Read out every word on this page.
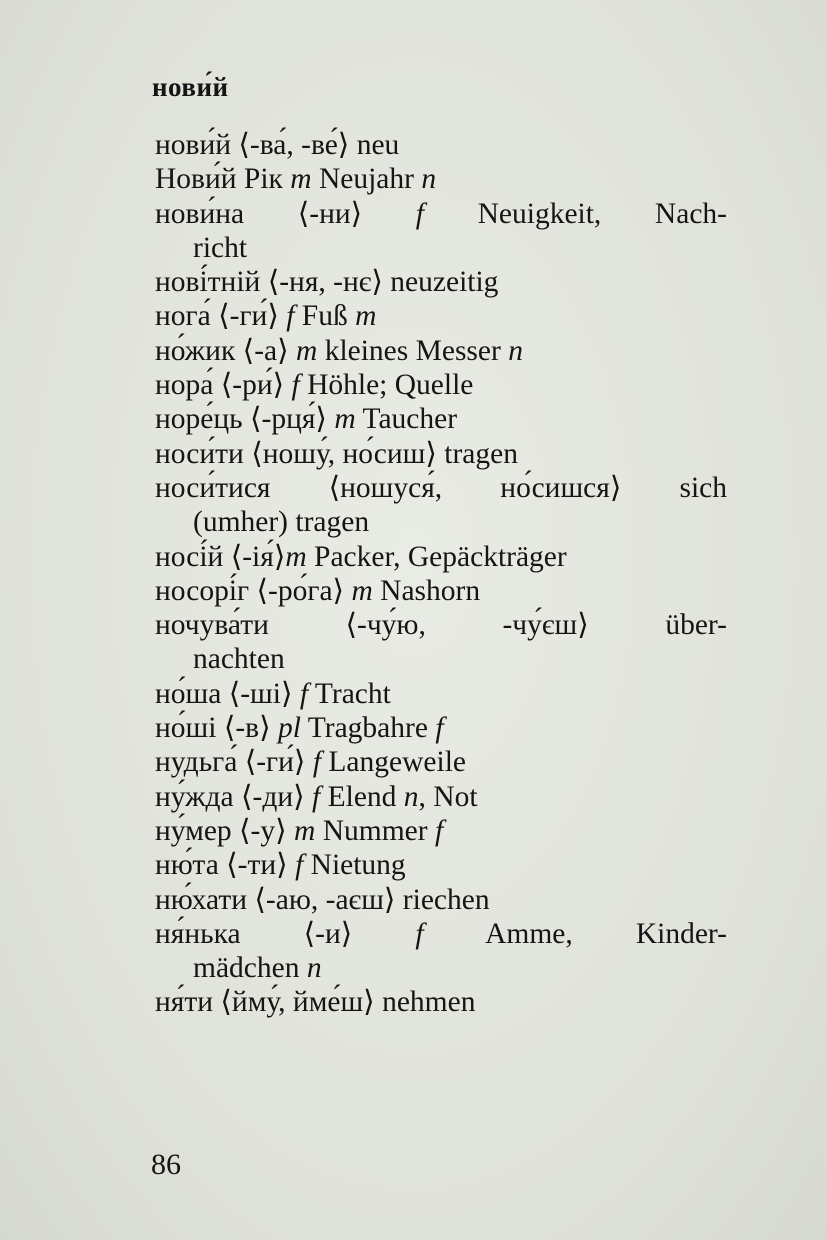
нови́й
нови́й ⟨-ва́, -ве́⟩ neu
Нови́й Рік m Neujahr n
нови́на ⟨-ни⟩ f Neuigkeit, Nach-
richt
нові́тній ⟨-ня, -нє⟩ neuzeitig
нога́ ⟨-ги́⟩ f Fuß m
но́жик ⟨-а⟩ m kleines Messer n
нора́ ⟨-ри́⟩ f Höhle; Quelle
норе́ць ⟨-рця́⟩ m Taucher
носи́ти ⟨ношу́, но́сиш⟩ tragen
носи́тися ⟨ношуся́, но́сишся⟩ sich
(umher) tragen
носі́й ⟨-ія́⟩m Packer, Gepäckträger
носорі́г ⟨-ро́га⟩ m Nashorn
ночува́ти ⟨-чу́ю, -чу́єш⟩ über-
nachten
но́ша ⟨-ші⟩ f Tracht
но́ші ⟨-в⟩ pl Tragbahre f
нудьга́ ⟨-ги́⟩ f Langeweile
ну́жда ⟨-ди⟩ f Elend n, Not
ну́мер ⟨-у⟩ m Nummer f
ню́та ⟨-ти⟩ f Nietung
ню́хати ⟨-аю, -аєш⟩ riechen
ня́нька ⟨-и⟩ f Amme, Kinder-
mädchen n
ня́ти ⟨йму́, йме́ш⟩ nehmen
86
